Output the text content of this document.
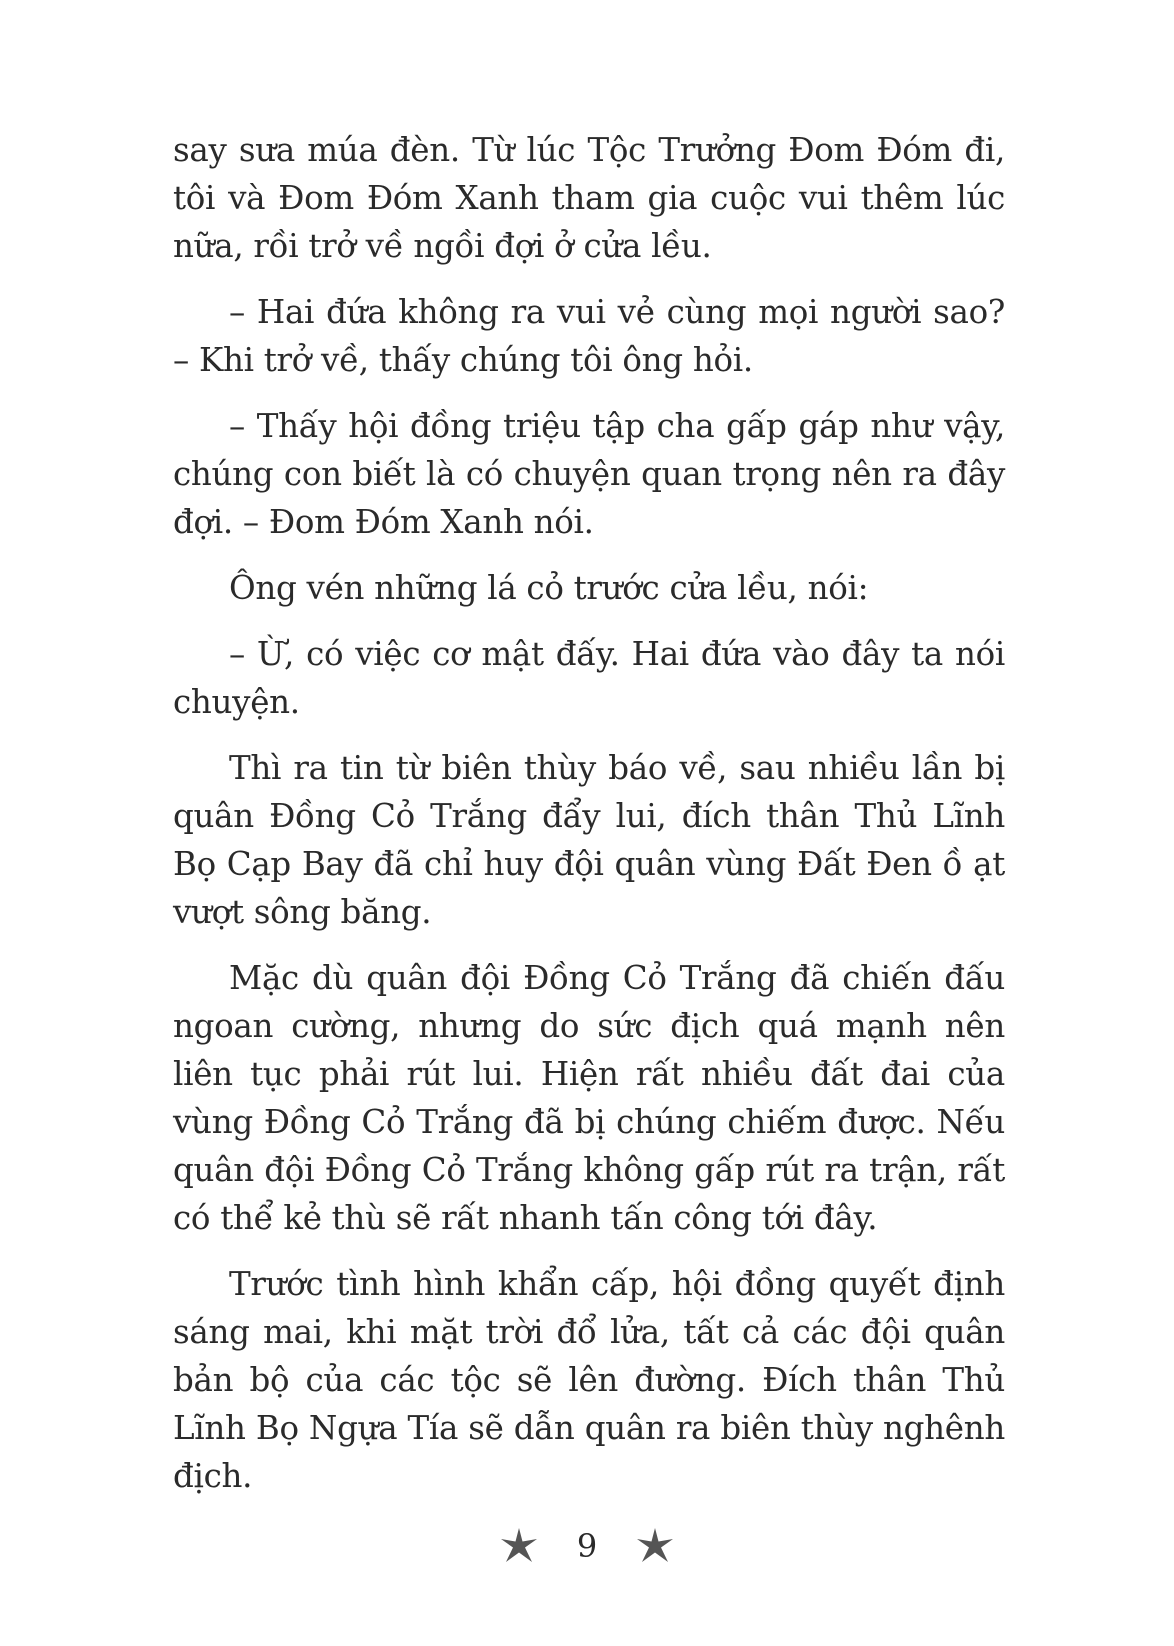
say sưa múa đèn. Từ lúc Tộc Trưởng Đom Đóm đi, tôi và Đom Đóm Xanh tham gia cuộc vui thêm lúc nữa, rồi trở về ngồi đợi ở cửa lều.

– Hai đứa không ra vui vẻ cùng mọi người sao? – Khi trở về, thấy chúng tôi ông hỏi.

– Thấy hội đồng triệu tập cha gấp gáp như vậy, chúng con biết là có chuyện quan trọng nên ra đây đợi. – Đom Đóm Xanh nói.

Ông vén những lá cỏ trước cửa lều, nói:

– Ừ, có việc cơ mật đấy. Hai đứa vào đây ta nói chuyện.

Thì ra tin từ biên thùy báo về, sau nhiều lần bị quân Đồng Cỏ Trắng đẩy lui, đích thân Thủ Lĩnh Bọ Cạp Bay đã chỉ huy đội quân vùng Đất Đen ồ ạt vượt sông băng.

Mặc dù quân đội Đồng Cỏ Trắng đã chiến đấu ngoan cường, nhưng do sức địch quá mạnh nên liên tục phải rút lui. Hiện rất nhiều đất đai của vùng Đồng Cỏ Trắng đã bị chúng chiếm được. Nếu quân đội Đồng Cỏ Trắng không gấp rút ra trận, rất có thể kẻ thù sẽ rất nhanh tấn công tới đây.

Trước tình hình khẩn cấp, hội đồng quyết định sáng mai, khi mặt trời đổ lửa, tất cả các đội quân bản bộ của các tộc sẽ lên đường. Đích thân Thủ Lĩnh Bọ Ngựa Tía sẽ dẫn quân ra biên thùy nghênh địch.

9
